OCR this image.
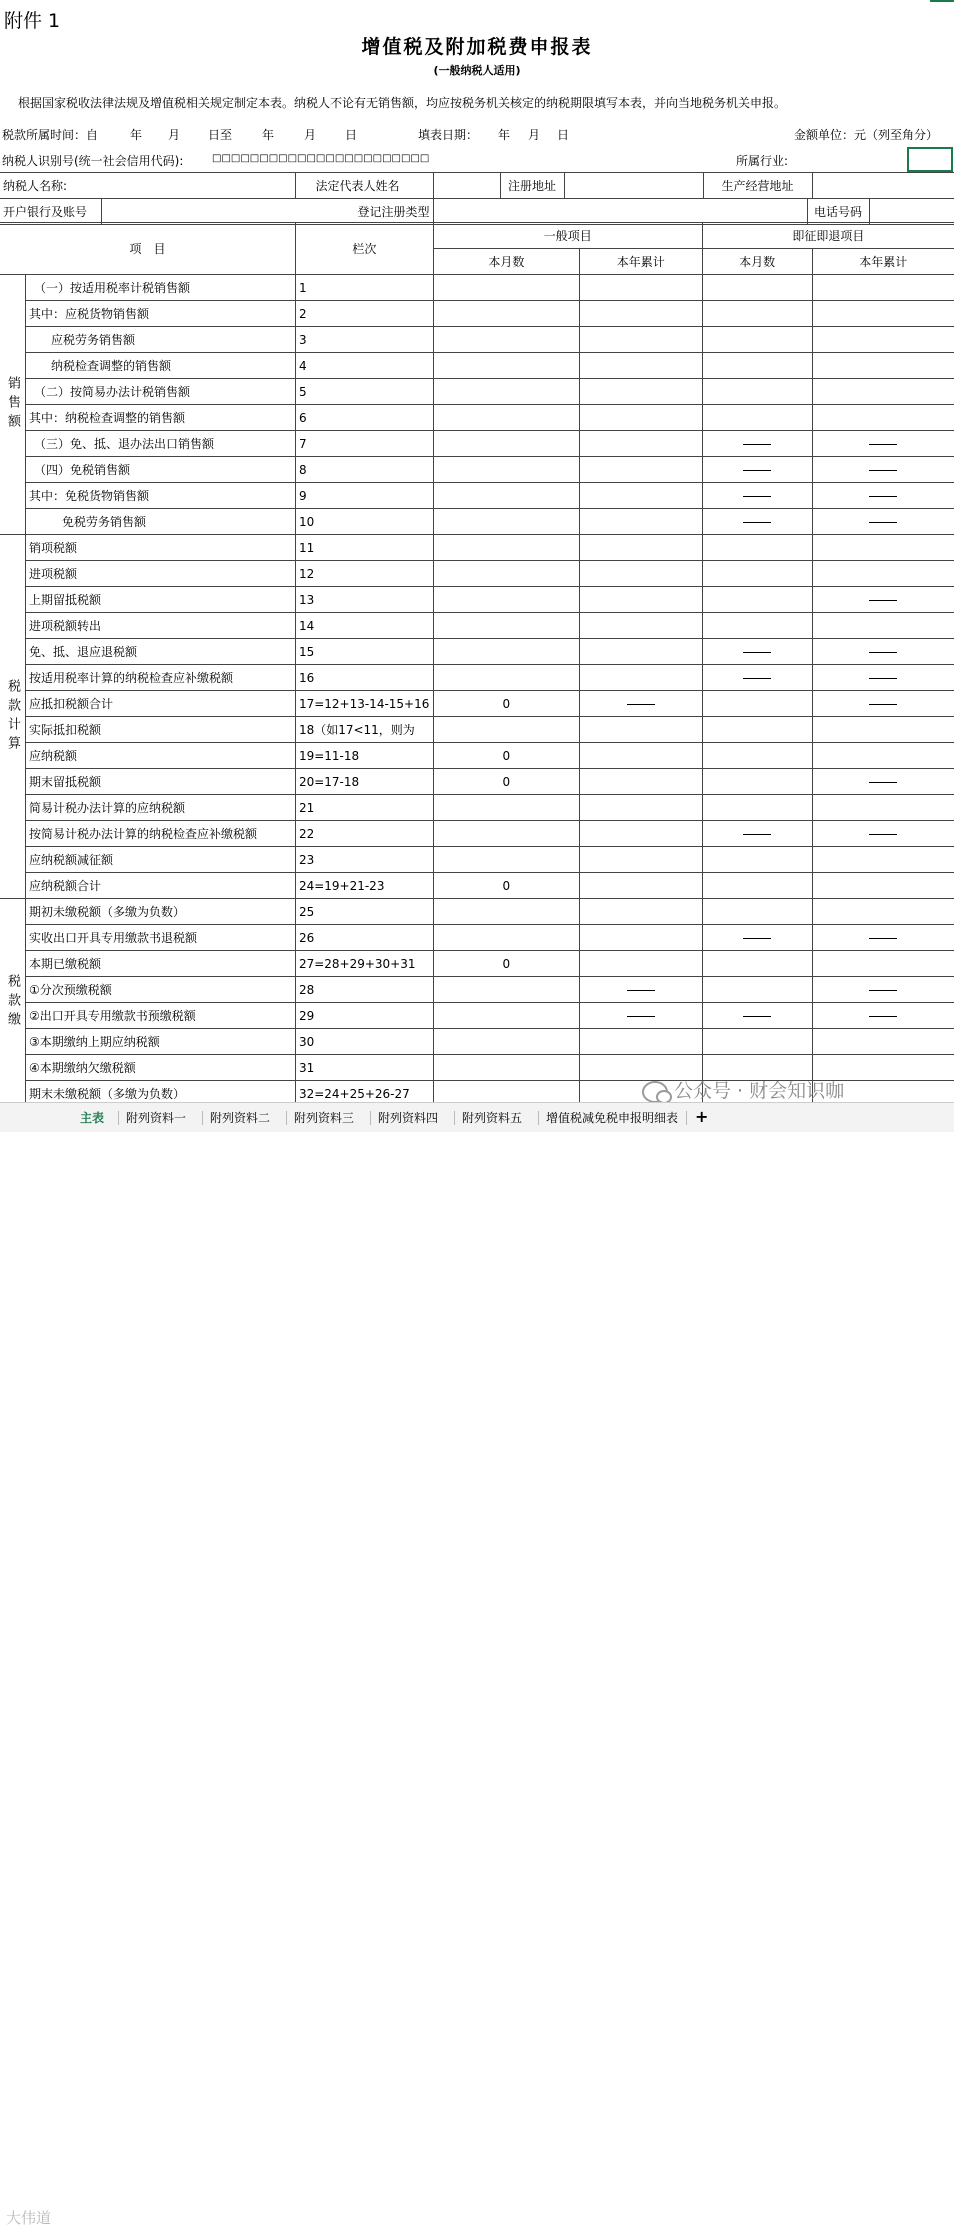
附件 1
增值税及附加税费申报表
(一般纳税人适用)
根据国家税收法律法规及增值税相关规定制定本表。纳税人不论有无销售额，均应按税务机关核定的纳税期限填写本表，并向当地税务机关申报。
税款所属时间：自	年 月 日至 年 月 日	填表日期： 年 月 日	金额单位：元（列至角分）
纳税人识别号(统一社会信用代码):	□□□□□□□□□□□□□□□□□□□□□□□	所属行业:
纳税人名称:		法定代表人姓名		注册地址		生产经营地址			
开户银行及账号	登记注册类型						电话号码		
项　目		栏次	一般项目		即征即退项目	
			本月数	本年累计	本月数	本年累计
销售额	（一）按适用税率计税销售额	1				
	其中：应税货物销售额	2				
	应税劳务销售额	3				
	纳税检查调整的销售额	4				
	（二）按简易办法计税销售额	5				
	其中：纳税检查调整的销售额	6				
	（三）免、抵、退办法出口销售额	7				
	（四）免税销售额	8				
	其中：免税货物销售额	9				
	免税劳务销售额	10				
税款计算	销项税额	11				
	进项税额	12				
	上期留抵税额	13				
	进项税额转出	14				
	免、抵、退应退税额	15				
	按适用税率计算的纳税检查应补缴税额	16				
	应抵扣税额合计	17=12+13-14-15+16	0			
	实际抵扣税额	18（如17<11，则为				
	应纳税额	19=11-18	0			
	期末留抵税额	20=17-18	0			
	简易计税办法计算的应纳税额	21				
	按简易计税办法计算的纳税检查应补缴税额	22				
	应纳税额减征额	23				
	应纳税额合计	24=19+21-23	0			
税款缴	期初未缴税额（多缴为负数）	25				
	实收出口开具专用缴款书退税额	26				
	本期已缴税额	27=28+29+30+31	0			
	①分次预缴税额	28				
	②出口开具专用缴款书预缴税额	29				
	③本期缴纳上期应纳税额	30				
	④本期缴纳欠缴税额	31				
	期末未缴税额（多缴为负数）	32=24+25+26-27					公众号 · 财会知识咖
大伟道
+
主表 附列资料一 附列资料二 附列资料三 附列资料四 附列资料五 增值税减免税申报明细表
